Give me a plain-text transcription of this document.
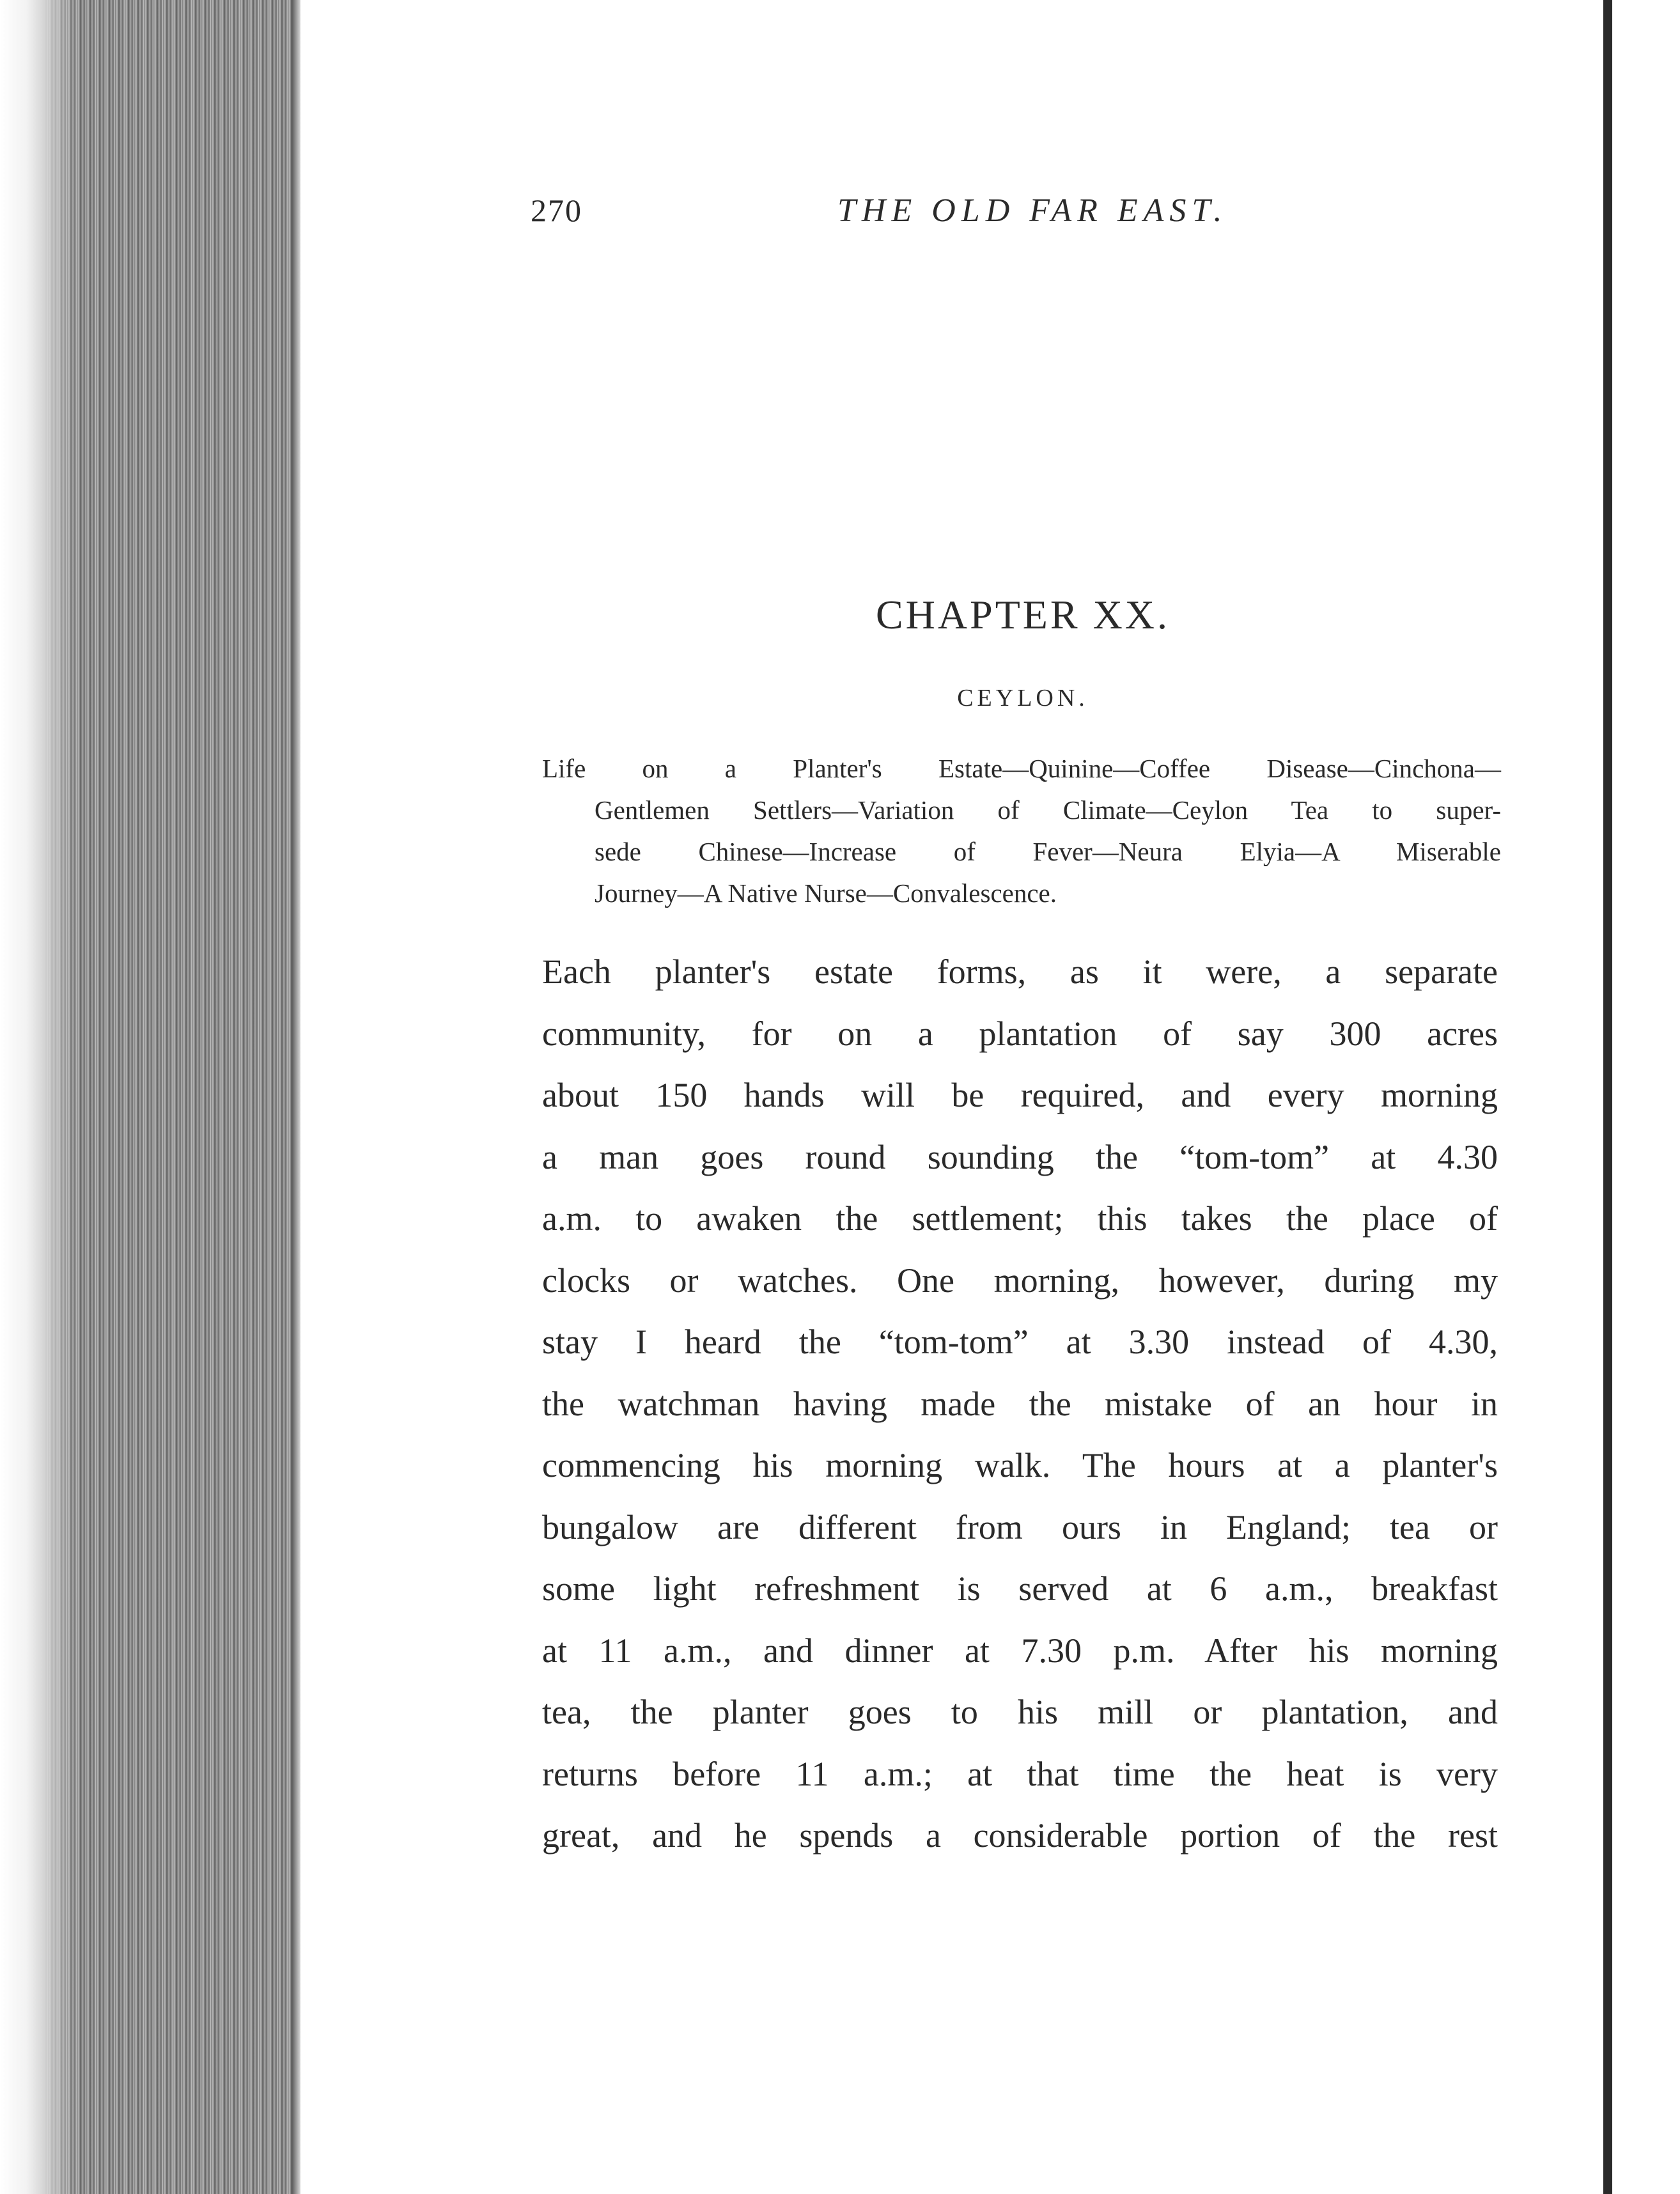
270	THE OLD FAR EAST.
CHAPTER XX.
CEYLON.
Life on a Planter's Estate—Quinine—Coffee Disease—Cinchona—
Gentlemen Settlers—Variation of Climate—Ceylon Tea to super-
sede Chinese—Increase of Fever—Neura Elyia—A Miserable
Journey—A Native Nurse—Convalescence.
Each planter's estate forms, as it were, a separate
community, for on a plantation of say 300 acres
about 150 hands will be required, and every morning
a man goes round sounding the “tom-tom” at 4.30
a.m. to awaken the settlement; this takes the place of
clocks or watches. One morning, however, during my
stay I heard the “tom-tom” at 3.30 instead of 4.30,
the watchman having made the mistake of an hour in
commencing his morning walk. The hours at a planter's
bungalow are different from ours in England; tea or
some light refreshment is served at 6 a.m., breakfast
at 11 a.m., and dinner at 7.30 p.m. After his morning
tea, the planter goes to his mill or plantation, and
returns before 11 a.m.; at that time the heat is very
great, and he spends a considerable portion of the rest
